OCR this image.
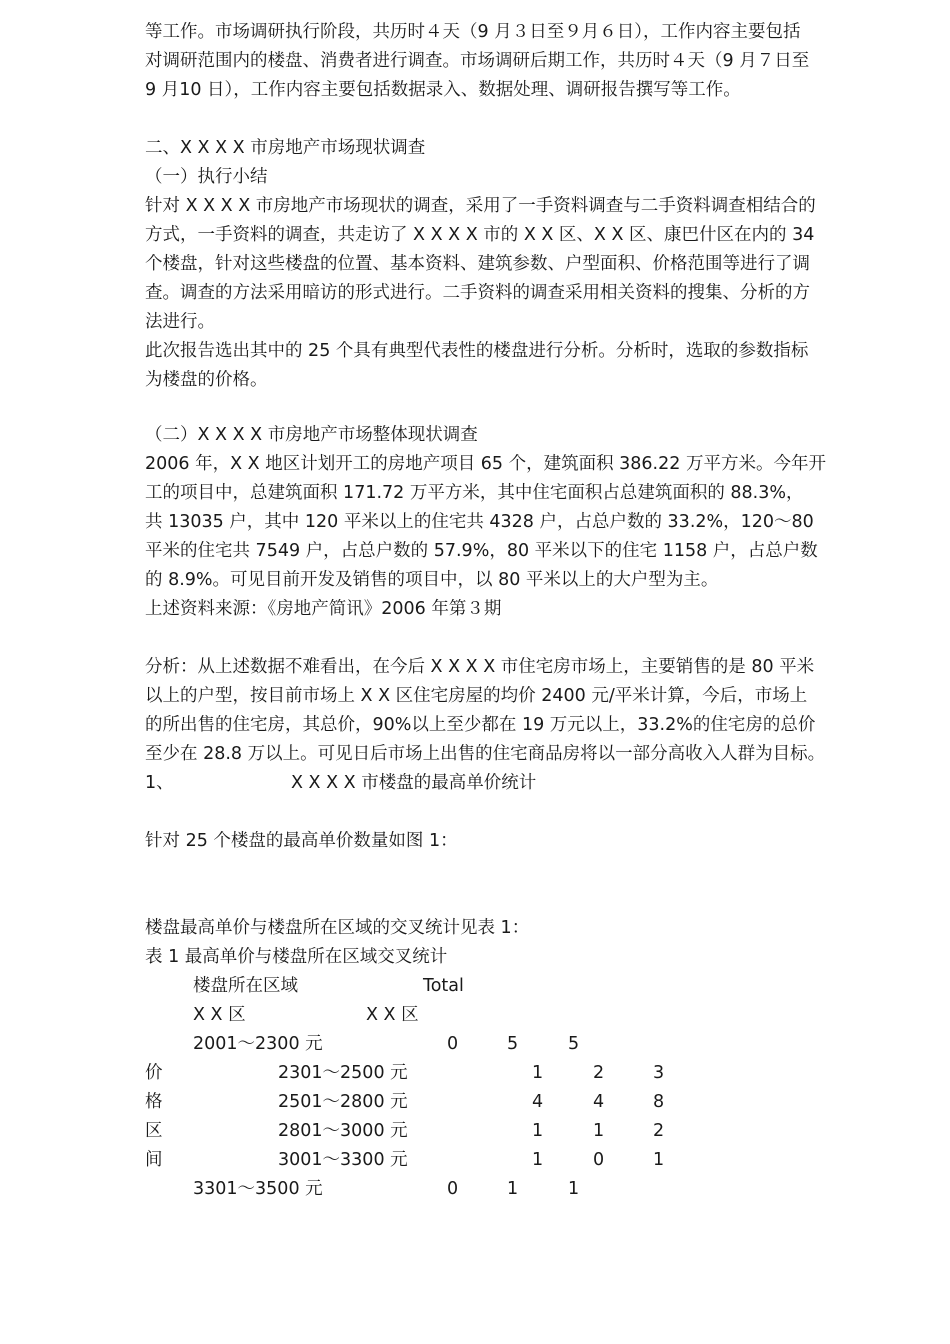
等工作。市场调研执行阶段，共历时４天（9 月３日至９月６日），工作内容主要包括
对调研范围内的楼盘、消费者进行调查。市场调研后期工作，共历时４天（9 月７日至
9 月10 日），工作内容主要包括数据录入、数据处理、调研报告撰写等工作。
二、X X X X 市房地产市场现状调查
（一）执行小结
针对 X X X X 市房地产市场现状的调查，采用了一手资料调查与二手资料调查相结合的
方式，一手资料的调查，共走访了 X X X X 市的 X X 区、X X 区、康巴什区在内的 34
个楼盘，针对这些楼盘的位置、基本资料、建筑参数、户型面积、价格范围等进行了调
查。调查的方法采用暗访的形式进行。二手资料的调查采用相关资料的搜集、分析的方
法进行。
此次报告选出其中的 25 个具有典型代表性的楼盘进行分析。分析时，选取的参数指标
为楼盘的价格。
（二）X X X X 市房地产市场整体现状调查
2006 年，X X 地区计划开工的房地产项目 65 个，建筑面积 386.22 万平方米。今年开
工的项目中，总建筑面积 171.72 万平方米，其中住宅面积占总建筑面积的 88.3%，
共 13035 户，其中 120 平米以上的住宅共 4328 户，占总户数的 33.2%，120～80
平米的住宅共 7549 户，占总户数的 57.9%，80 平米以下的住宅 1158 户，占总户数
的 8.9%。可见目前开发及销售的项目中，以 80 平米以上的大户型为主。
上述资料来源：《房地产简讯》2006 年第３期
分析：从上述数据不难看出，在今后 X X X X 市住宅房市场上，主要销售的是 80 平米
以上的户型，按目前市场上 X X 区住宅房屋的均价 2400 元/平米计算，今后，市场上
的所出售的住宅房，其总价，90%以上至少都在 19 万元以上，33.2%的住宅房的总价
至少在 28.8 万以上。可见日后市场上出售的住宅商品房将以一部分高收入人群为目标。
1、	X X X X 市楼盘的最高单价统计
针对 25 个楼盘的最高单价数量如图 1：
楼盘最高单价与楼盘所在区域的交叉统计见表 1：
表 1 最高单价与楼盘所在区域交叉统计
楼盘所在区域	Total
X X 区	X X 区
2001～2300 元	0	5	5
价	2301～2500 元	1	2	3
格	2501～2800 元	4	4	8
区	2801～3000 元	1	1	2
间	3001～3300 元	1	0	1
3301～3500 元	0	1	1
